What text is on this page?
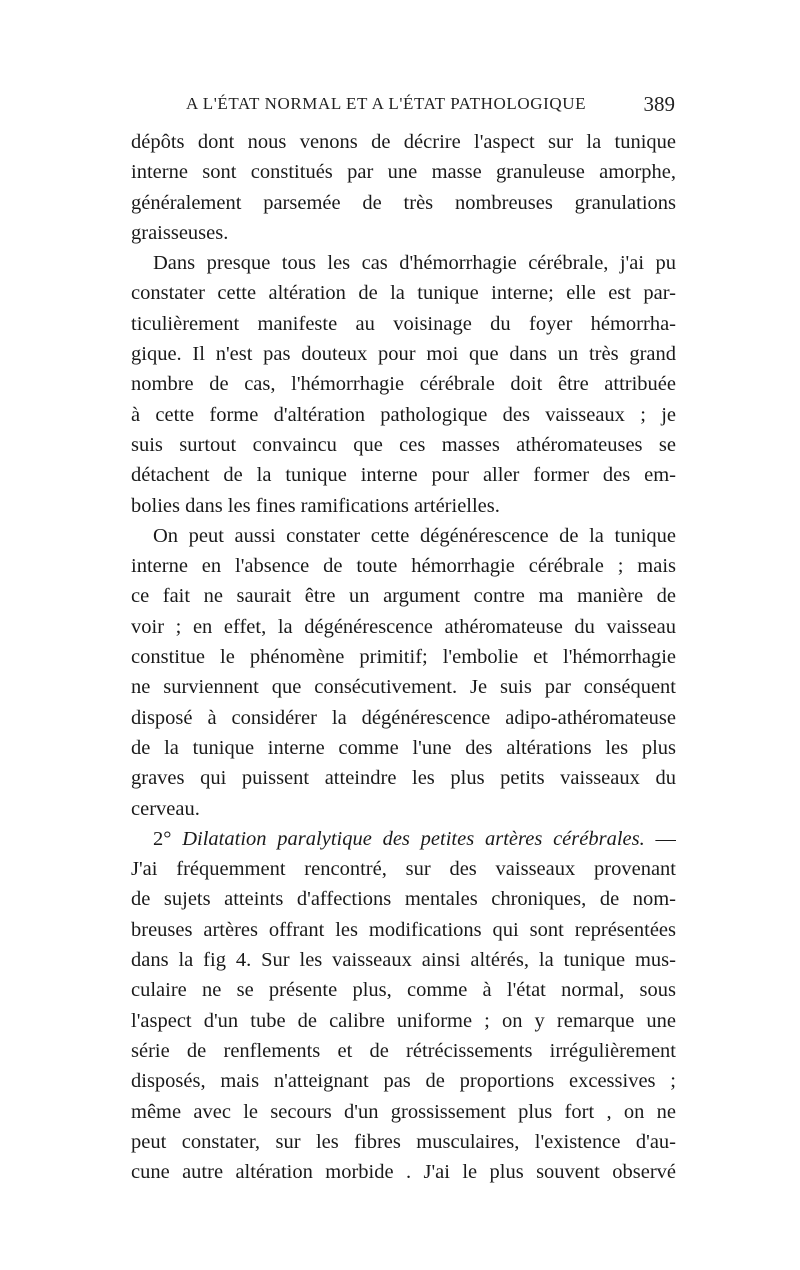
A L'ÉTAT NORMAL ET A L'ÉTAT PATHOLOGIQUE	389
dépôts dont nous venons de décrire l'aspect sur la tunique
interne sont constitués par une masse granuleuse amorphe,
généralement parsemée de très nombreuses granulations
graisseuses.
Dans presque tous les cas d'hémorrhagie cérébrale, j'ai pu
constater cette altération de la tunique interne; elle est par-
ticulièrement manifeste au voisinage du foyer hémorrha-
gique. Il n'est pas douteux pour moi que dans un très grand
nombre de cas, l'hémorrhagie cérébrale doit être attribuée
à cette forme d'altération pathologique des vaisseaux ; je
suis surtout convaincu que ces masses athéromateuses se
détachent de la tunique interne pour aller former des em-
bolies dans les fines ramifications artérielles.
On peut aussi constater cette dégénérescence de la tunique
interne en l'absence de toute hémorrhagie cérébrale ; mais
ce fait ne saurait être un argument contre ma manière de
voir ; en effet, la dégénérescence athéromateuse du vaisseau
constitue le phénomène primitif; l'embolie et l'hémorrhagie
ne surviennent que consécutivement. Je suis par conséquent
disposé à considérer la dégénérescence adipo-athéromateuse
de la tunique interne comme l'une des altérations les plus
graves qui puissent atteindre les plus petits vaisseaux du
cerveau.
2° Dilatation paralytique des petites artères cérébrales. —
J'ai fréquemment rencontré, sur des vaisseaux provenant
de sujets atteints d'affections mentales chroniques, de nom-
breuses artères offrant les modifications qui sont représentées
dans la fig 4. Sur les vaisseaux ainsi altérés, la tunique mus-
culaire ne se présente plus, comme à l'état normal, sous
l'aspect d'un tube de calibre uniforme ; on y remarque une
série de renflements et de rétrécissements irrégulièrement
disposés, mais n'atteignant pas de proportions excessives ;
même avec le secours d'un grossissement plus fort , on ne
peut constater, sur les fibres musculaires, l'existence d'au-
cune autre altération morbide . J'ai le plus souvent observé
